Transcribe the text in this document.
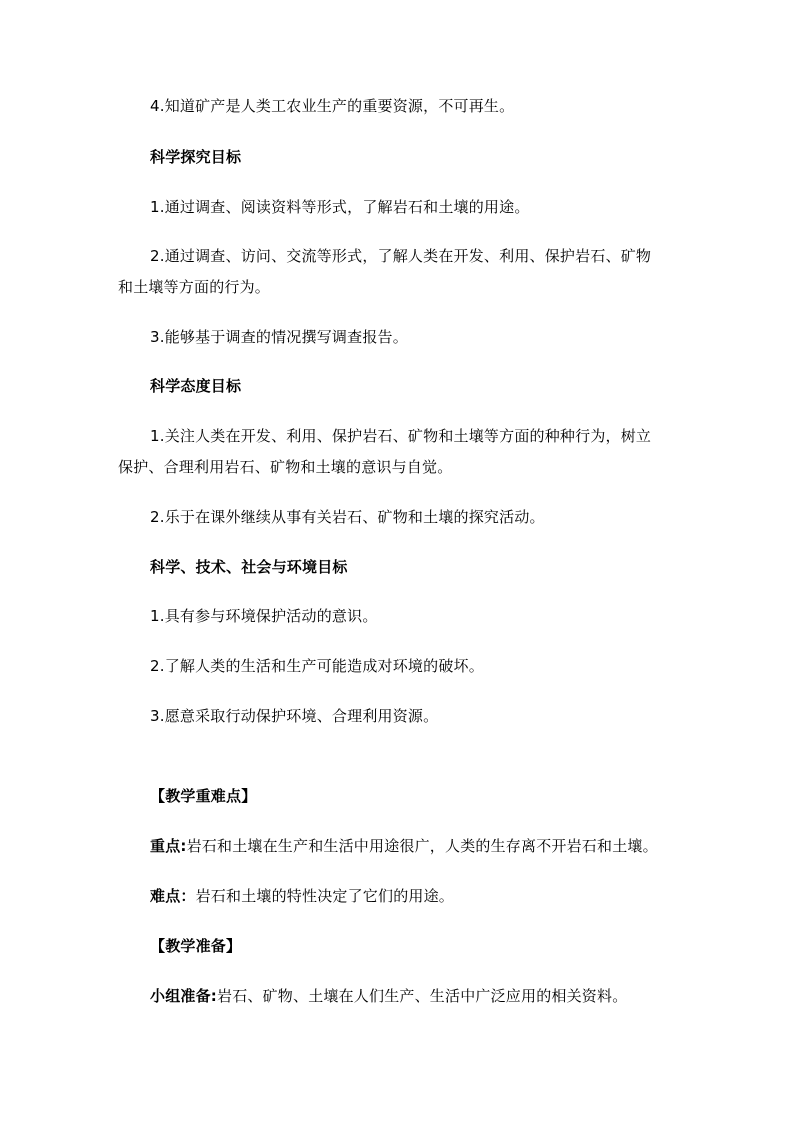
4.知道矿产是人类工农业生产的重要资源，不可再生。
科学探究目标
1.通过调查、阅读资料等形式，了解岩石和土壤的用途。
2.通过调查、访问、交流等形式，了解人类在开发、利用、保护岩石、矿物
和土壤等方面的行为。
3.能够基于调查的情况撰写调查报告。
科学态度目标
1.关注人类在开发、利用、保护岩石、矿物和土壤等方面的种种行为，树立
保护、合理利用岩石、矿物和土壤的意识与自觉。
2.乐于在课外继续从事有关岩石、矿物和土壤的探究活动。
科学、技术、社会与环境目标
1.具有参与环境保护活动的意识。
2.了解人类的生活和生产可能造成对环境的破坏。
3.愿意采取行动保护环境、合理利用资源。
【教学重难点】
重点:岩石和土壤在生产和生活中用途很广，人类的生存离不开岩石和土壤。
难点：岩石和土壤的特性决定了它们的用途。
【教学准备】
小组准备:岩石、矿物、土壤在人们生产、生活中广泛应用的相关资料。
